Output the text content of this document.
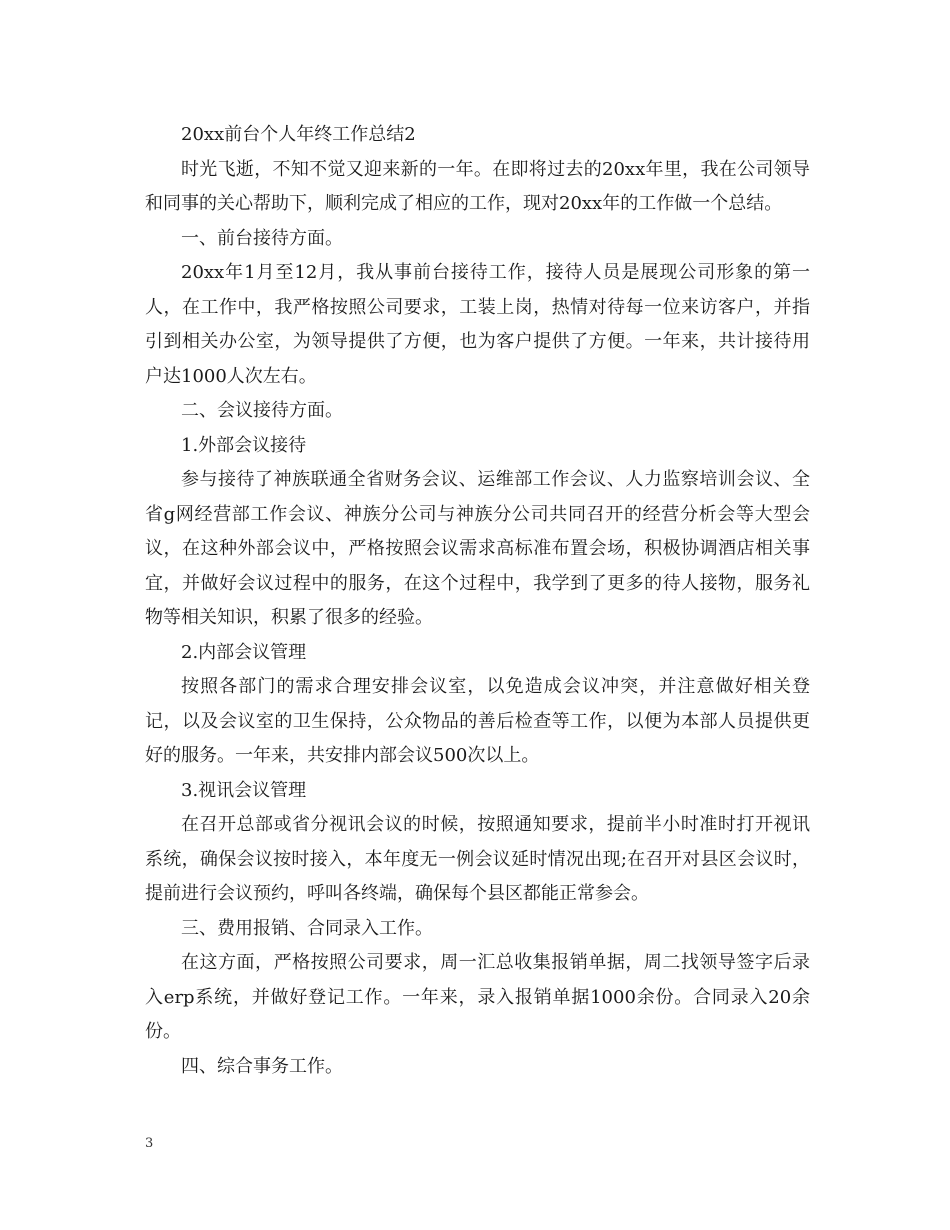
20xx前台个人年终工作总结2

时光飞逝，不知不觉又迎来新的一年。在即将过去的20xx年里，我在公司领导和同事的关心帮助下，顺利完成了相应的工作，现对20xx年的工作做一个总结。

一、前台接待方面。

20xx年1月至12月，我从事前台接待工作，接待人员是展现公司形象的第一人，在工作中，我严格按照公司要求，工装上岗，热情对待每一位来访客户，并指引到相关办公室，为领导提供了方便，也为客户提供了方便。一年来，共计接待用户达1000人次左右。

二、会议接待方面。

1.外部会议接待

参与接待了神族联通全省财务会议、运维部工作会议、人力监察培训会议、全省g网经营部工作会议、神族分公司与神族分公司共同召开的经营分析会等大型会议，在这种外部会议中，严格按照会议需求高标准布置会场，积极协调酒店相关事宜，并做好会议过程中的服务，在这个过程中，我学到了更多的待人接物，服务礼物等相关知识，积累了很多的经验。

2.内部会议管理

按照各部门的需求合理安排会议室，以免造成会议冲突，并注意做好相关登记，以及会议室的卫生保持，公众物品的善后检查等工作，以便为本部人员提供更好的服务。一年来，共安排内部会议500次以上。

3.视讯会议管理

在召开总部或省分视讯会议的时候，按照通知要求，提前半小时准时打开视讯系统，确保会议按时接入，本年度无一例会议延时情况出现;在召开对县区会议时，提前进行会议预约，呼叫各终端，确保每个县区都能正常参会。

三、费用报销、合同录入工作。

在这方面，严格按照公司要求，周一汇总收集报销单据，周二找领导签字后录入erp系统，并做好登记工作。一年来，录入报销单据1000余份。合同录入20余份。

四、综合事务工作。

3
